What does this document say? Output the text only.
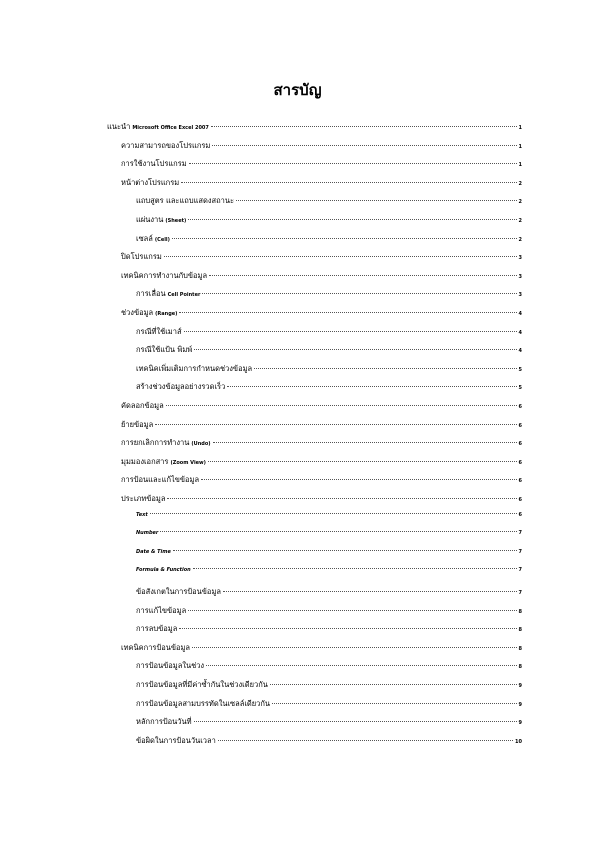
สารบัญ
แนะนำ Microsoft Office Excel 2007	1
ความสามารถของโปรแกรม	1
การใช้งานโปรแกรม	1
หน้าต่างโปรแกรม	2
แถบสูตร และแถบแสดงสถานะ	2
แผ่นงาน (Sheet)	2
เซลล์ (Cell)	2
ปิดโปรแกรม	3
เทคนิคการทำงานกับข้อมูล	3
การเลื่อน Cell Pointer	3
ช่วงข้อมูล (Range)	4
กรณีที่ใช้เมาส์	4
กรณีใช้แป้น พิมพ์	4
เทคนิคเพิ่มเติมการกำหนดช่วงข้อมูล	5
สร้างช่วงข้อมูลอย่างรวดเร็ว	5
คัดลอกข้อมูล	6
ย้ายข้อมูล	6
การยกเลิกการทำงาน (Undo)	6
มุมมองเอกสาร (Zoom View)	6
การป้อนและแก้ไขข้อมูล	6
ประเภทข้อมูล	6
Text	6
Number	7
Date & Time	7
Formula & Function	7
ข้อสังเกตในการป้อนข้อมูล	7
การแก้ไขข้อมูล	8
การลบข้อมูล	8
เทคนิคการป้อนข้อมูล	8
การป้อนข้อมูลในช่วง	8
การป้อนข้อมูลที่มีค่าซ้ำกันในช่วงเดียวกัน	9
การป้อนข้อมูลสามบรรทัดในเซลล์เดียวกัน	9
หลักการป้อนวันที่	9
ข้อผิดในการป้อนวันเวลา	10
